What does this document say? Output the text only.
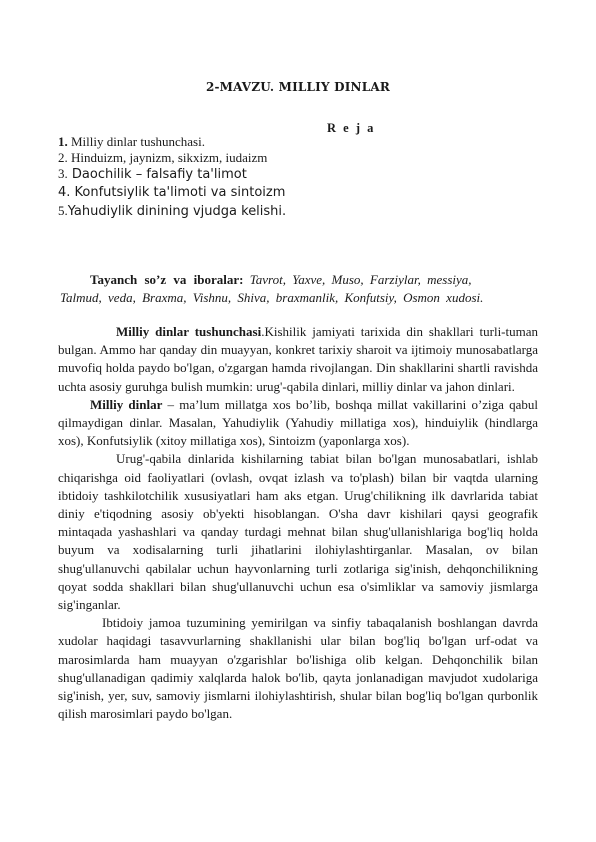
2-MAVZU. MILLIY DINLAR
R e j a
1. Milliy dinlar tushunchasi.
2. Hinduizm, jaynizm, sikxizm, iudaizm
3. Daochilik – falsafiy ta'limot
4. Konfutsiylik ta'limoti va sintoizm
5.Yahudiylik dinining vjudga kelishi.
Tayanch so’z va iboralar: Tavrot, Yaxve, Muso, Farziylar, messiya,
Talmud, veda, Braxma, Vishnu, Shiva, braxmanlik, Konfutsiy, Osmon xudosi.

Milliy dinlar tushunchasi.Kishilik jamiyati tarixida din shakllari turli-tuman bulgan. Ammo har qanday din muayyan, konkret tarixiy sharoit va ijtimoiy munosabatlarga muvofiq holda paydo bo'lgan, o'zgargan hamda rivojlangan. Din shakllarini shartli ravishda uchta asosiy guruhga bulish mumkin: urug'-qabila dinlari, milliy dinlar va jahon dinlari.

Milliy dinlar – ma’lum millatga xos bo’lib, boshqa millat vakillarini o’ziga qabul qilmaydigan dinlar. Masalan, Yahudiylik (Yahudiy millatiga xos), hinduiylik (hindlarga xos), Konfutsiylik (xitoy millatiga xos), Sintoizm (yaponlarga xos).

Urug'-qabila dinlarida kishilarning tabiat bilan bo'lgan munosabatlari, ishlab chiqarishga oid faoliyatlari (ovlash, ovqat izlash va to'plash) bilan bir vaqtda ularning ibtidoiy tashkilotchilik xususiyatlari ham aks etgan. Urug'chilikning ilk davrlarida tabiat diniy e'tiqodning asosiy ob'yekti hisoblangan. O'sha davr kishilari qaysi geografik mintaqada yashashlari va qanday turdagi mehnat bilan shug'ullanishlariga bog'liq holda buyum va xodisalarning turli jihatlarini ilohiylashtirganlar. Masalan, ov bilan shug'ullanuvchi qabilalar uchun hayvonlarning turli zotlariga sig'inish, dehqonchilikning qoyat sodda shakllari bilan shug'ullanuvchi uchun esa o'simliklar va samoviy jismlarga sig'inganlar.

Ibtidoiy jamoa tuzumining yemirilgan va sinfiy tabaqalanish boshlangan davrda xudolar haqidagi tasavvurlarning shakllanishi ular bilan bog'liq bo'lgan urf-odat va marosimlarda ham muayyan o'zgarishlar bo'lishiga olib kelgan. Dehqonchilik bilan shug'ullanadigan qadimiy xalqlarda halok bo'lib, qayta jonlanadigan mavjudot xudolariga sig'inish, yer, suv, samoviy jismlarni ilohiylashtirish, shular bilan bog'liq bo'lgan qurbonlik qilish marosimlari paydo bo'lgan.
